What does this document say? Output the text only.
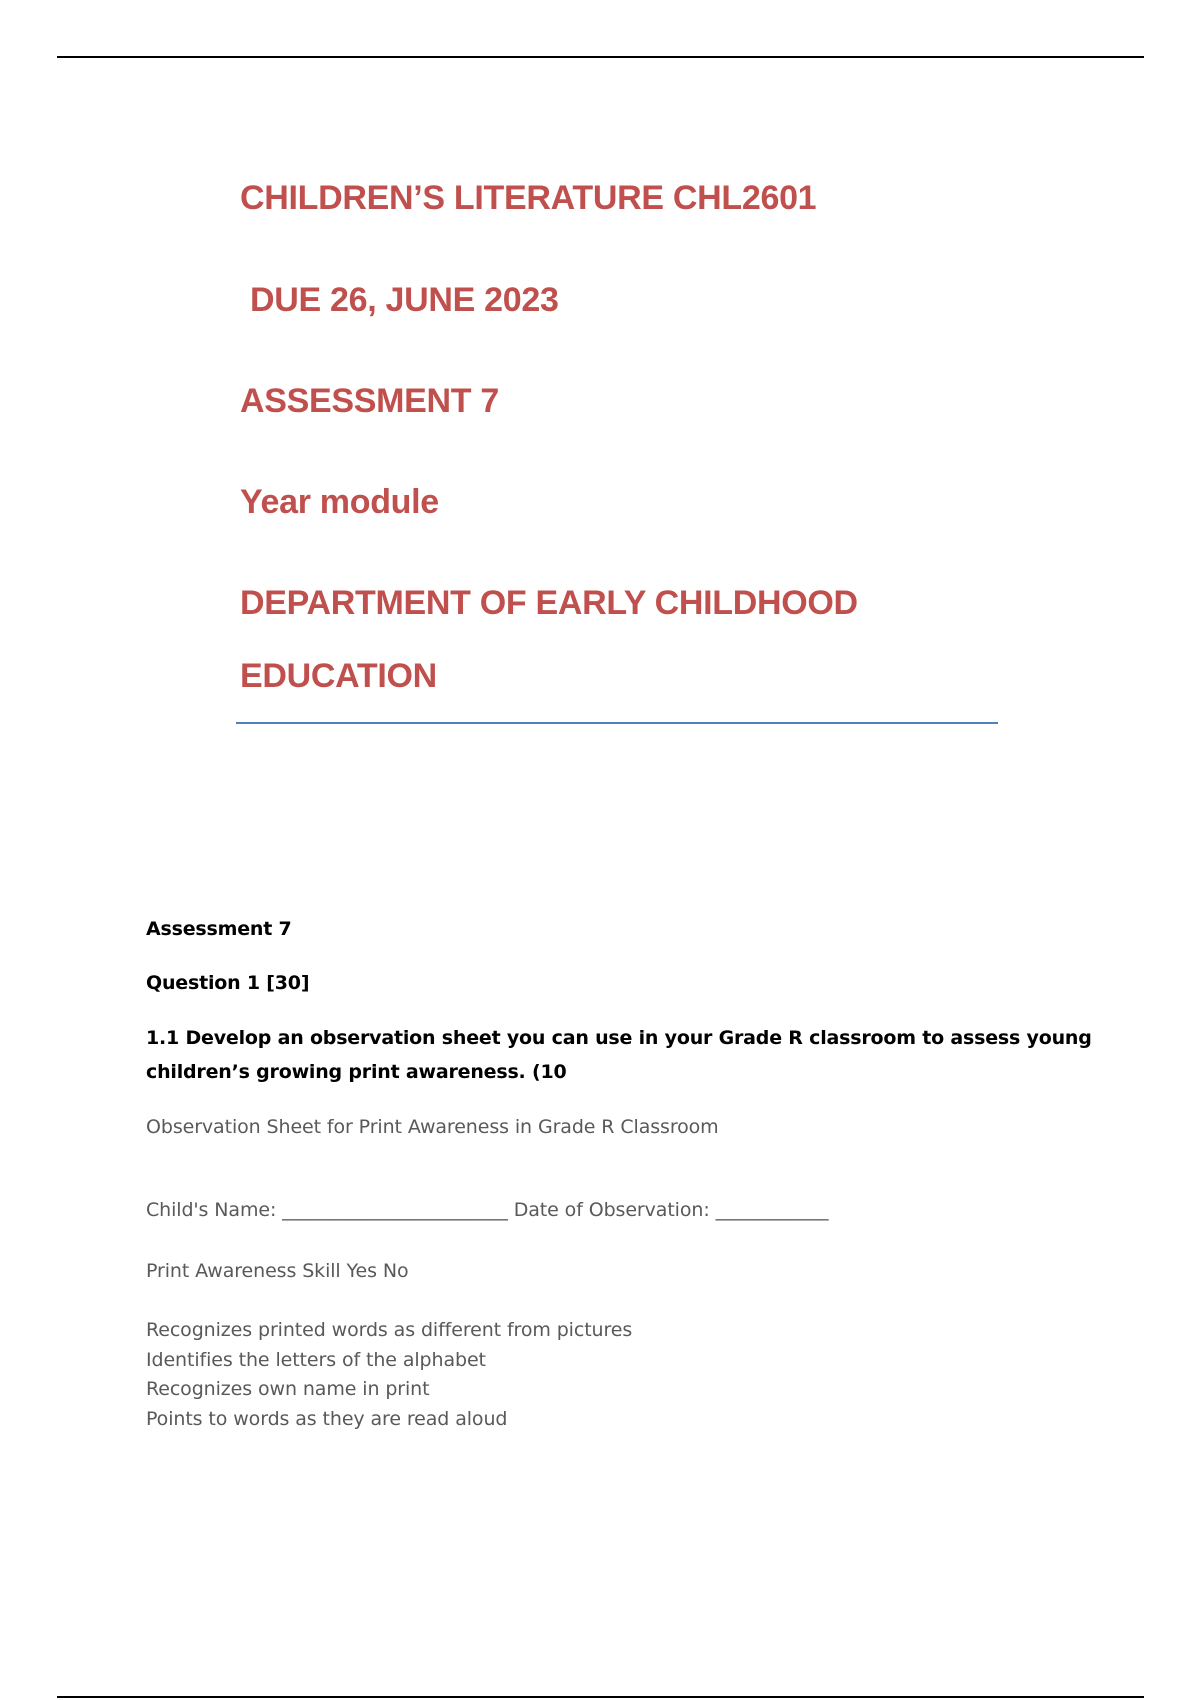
CHILDREN’S LITERATURE CHL2601
DUE 26, JUNE 2023
ASSESSMENT 7
Year module
DEPARTMENT OF EARLY CHILDHOOD
EDUCATION
Assessment 7
Question 1 [30]
1.1 Develop an observation sheet you can use in your Grade R classroom to assess young
children’s growing print awareness. (10
Observation Sheet for Print Awareness in Grade R Classroom
Child's Name: ________________________ Date of Observation: ____________
Print Awareness Skill Yes No
Recognizes printed words as different from pictures
Identifies the letters of the alphabet
Recognizes own name in print
Points to words as they are read aloud
